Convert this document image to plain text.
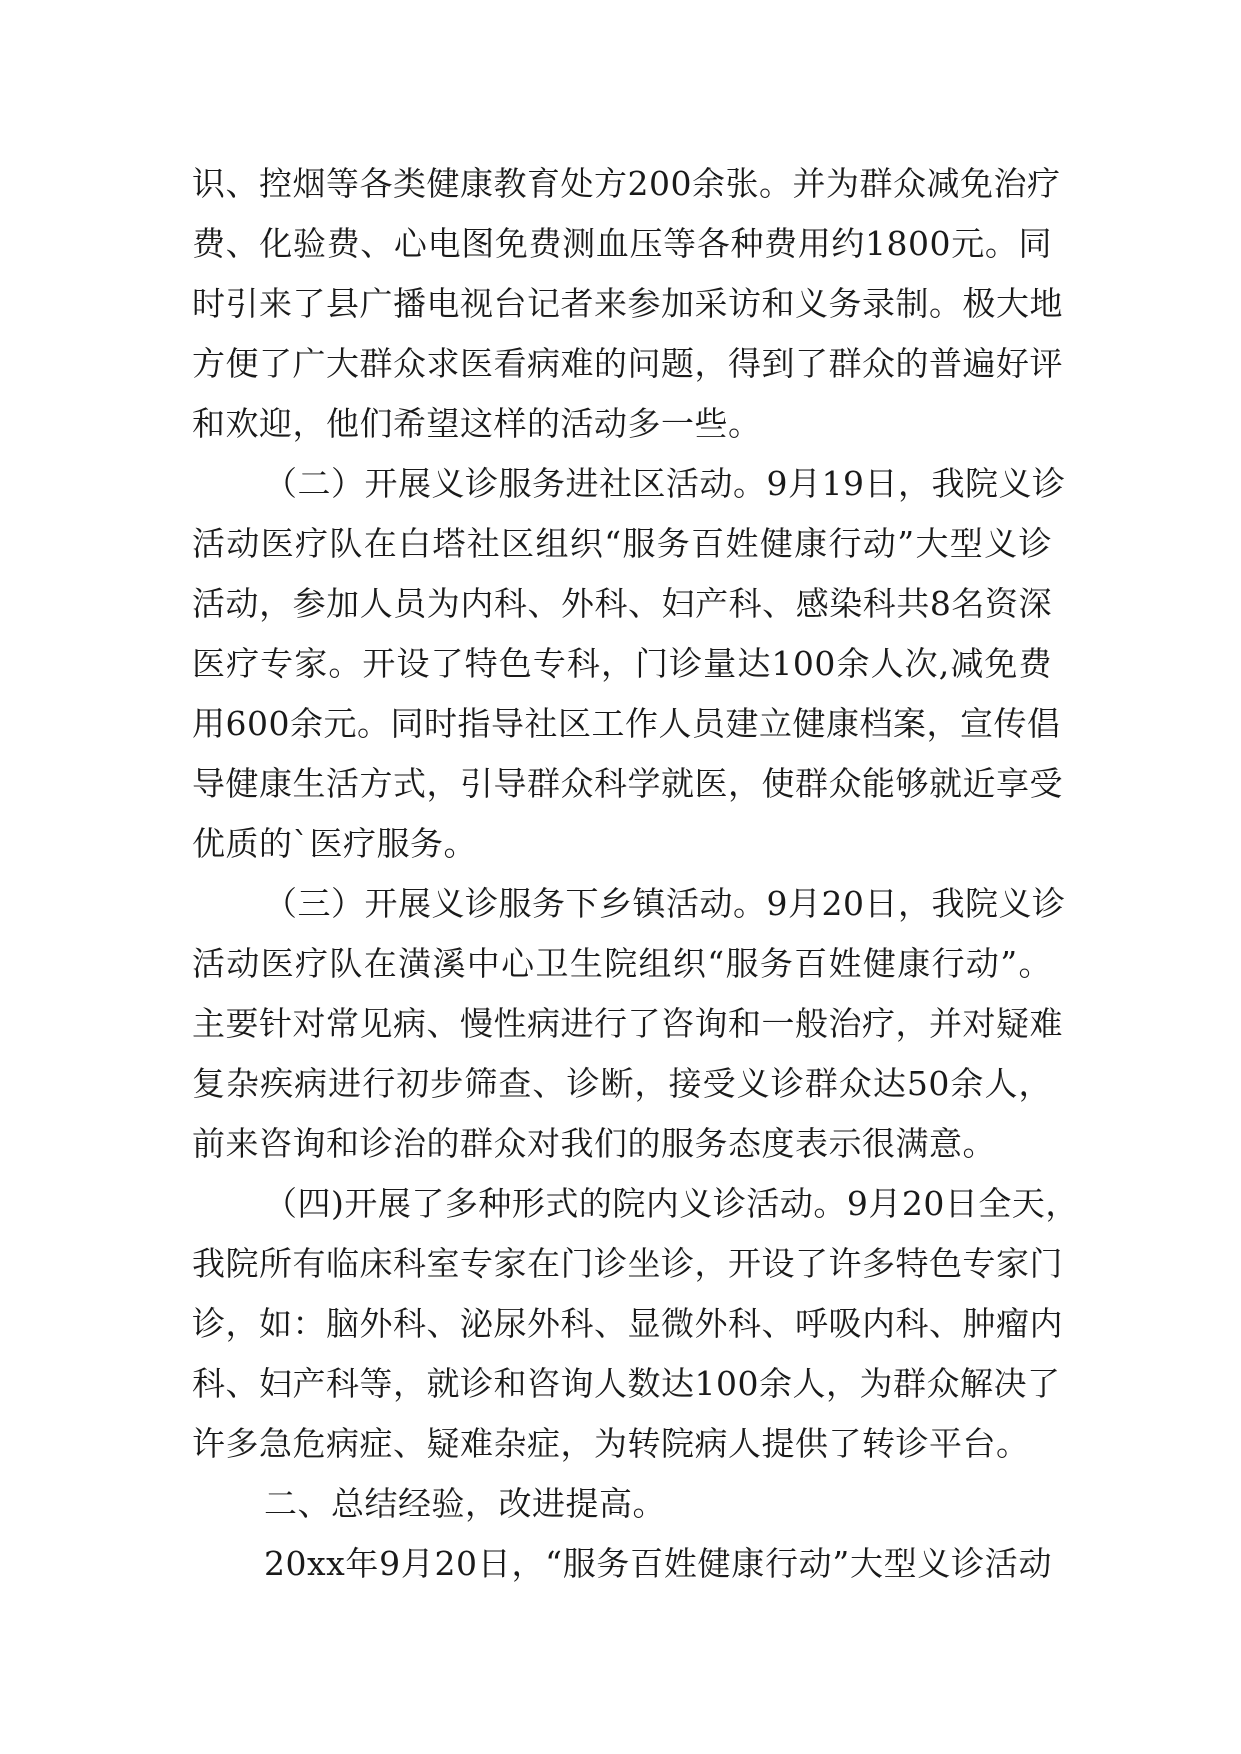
识、控烟等各类健康教育处方200余张。并为群众减免治疗
费、化验费、心电图免费测血压等各种费用约1800元。同
时引来了县广播电视台记者来参加采访和义务录制。极大地
方便了广大群众求医看病难的问题，得到了群众的普遍好评
和欢迎，他们希望这样的活动多一些。
（二）开展义诊服务进社区活动。9月19日，我院义诊
活动医疗队在白塔社区组织“服务百姓健康行动”大型义诊
活动，参加人员为内科、外科、妇产科、感染科共8名资深
医疗专家。开设了特色专科，门诊量达100余人次,减免费
用600余元。同时指导社区工作人员建立健康档案，宣传倡
导健康生活方式，引导群众科学就医，使群众能够就近享受
优质的`医疗服务。
（三）开展义诊服务下乡镇活动。9月20日，我院义诊
活动医疗队在潢溪中心卫生院组织“服务百姓健康行动”。
主要针对常见病、慢性病进行了咨询和一般治疗，并对疑难
复杂疾病进行初步筛查、诊断，接受义诊群众达50余人，
前来咨询和诊治的群众对我们的服务态度表示很满意。
（四)开展了多种形式的院内义诊活动。9月20日全天，
我院所有临床科室专家在门诊坐诊，开设了许多特色专家门
诊，如：脑外科、泌尿外科、显微外科、呼吸内科、肿瘤内
科、妇产科等，就诊和咨询人数达100余人，为群众解决了
许多急危病症、疑难杂症，为转院病人提供了转诊平台。
二、总结经验，改进提高。
20xx年9月20日，“服务百姓健康行动”大型义诊活动
